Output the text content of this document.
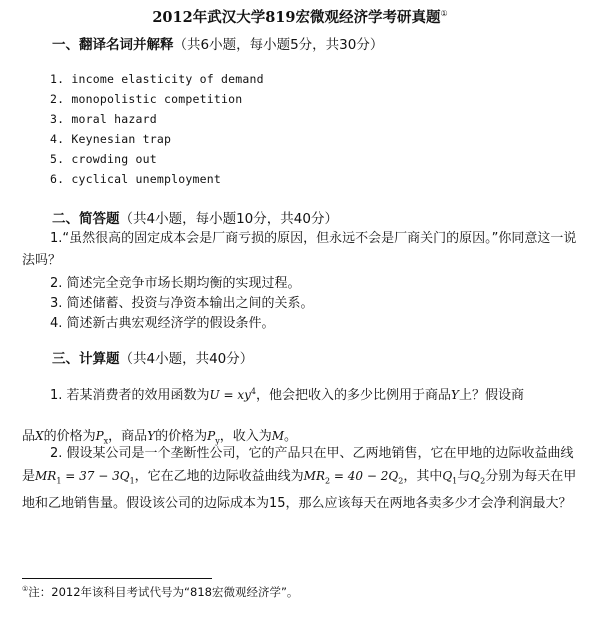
2012年武汉大学819宏微观经济学考研真题①
一、翻译名词并解释（共6小题，每小题5分，共30分）
1. income elasticity of demand
2. monopolistic competition
3. moral hazard
4. Keynesian trap
5. crowding out
6. cyclical unemployment
二、简答题（共4小题，每小题10分，共40分）
1.“虽然很高的固定成本会是厂商亏损的原因，但永远不会是厂商关门的原因。”你同意这一说法吗？
2. 简述完全竞争市场长期均衡的实现过程。
3. 简述储蓄、投资与净资本输出之间的关系。
4. 简述新古典宏观经济学的假设条件。
三、计算题（共4小题，共40分）
1. 若某消费者的效用函数为$U = xy^4$，他会把收入的多少比例用于商品Y上？假设商
品X的价格为$P_x$，商品Y的价格为$P_y$，收入为M。
2. 假设某公司是一个垄断性公司，它的产品只在甲、乙两地销售，它在甲地的边际收益曲线是$MR_1 = 37 - 3Q_1$，它在乙地的边际收益曲线为$MR_2 = 40 - 2Q_2$，其中$Q_1$与$Q_2$分别为每天在甲地和乙地销售量。假设该公司的边际成本为15，那么应该每天在两地各卖多少才会净利润最大？
①注：2012年该科目考试代号为“818宏微观经济学”。
